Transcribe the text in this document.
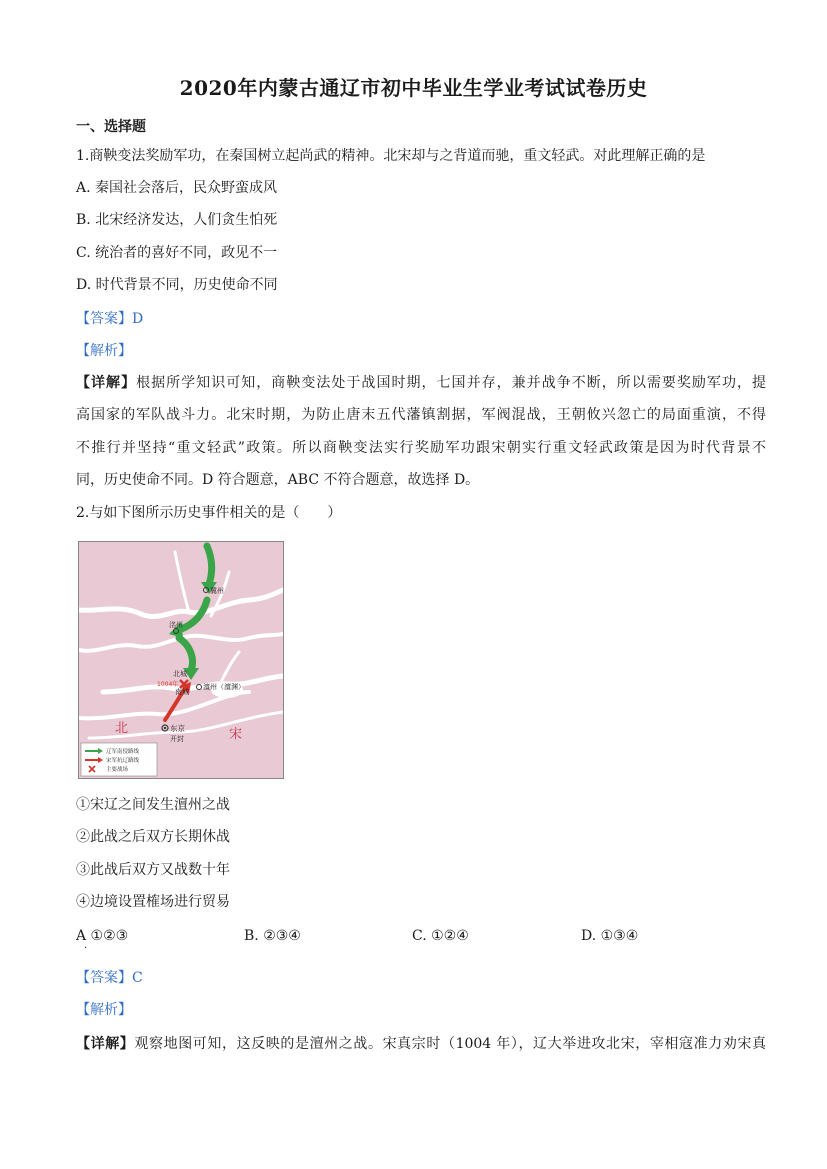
2020年内蒙古通辽市初中毕业生学业考试试卷历史
一、选择题
1.商鞅变法奖励军功，在秦国树立起尚武的精神。北宋却与之背道而驰，重文轻武。对此理解正确的是
A. 秦国社会落后，民众野蛮成风
B. 北宋经济发达，人们贪生怕死
C. 统治者的喜好不同，政见不一
D. 时代背景不同，历史使命不同
【答案】D
【解析】
【详解】根据所学知识可知，商鞅变法处于战国时期，七国并存，兼并战争不断，所以需要奖励军功，提
高国家的军队战斗力。北宋时期，为防止唐末五代藩镇割据，军阀混战，王朝攸兴忽亡的局面重演，不得
不推行并坚持“重文轻武”政策。所以商鞅变法实行奖励军功跟宋朝实行重文轻武政策是因为时代背景不
同，历史使命不同。D 符合题意，ABC 不符合题意，故选择 D。
2.与如下图所示历史事件相关的是（　　）
冀州
洺州
北城
1004年
南城
澶州（澶渊）
东京
开封
北	宋
辽军南侵路线
宋军抗辽路线
主要战场
①宋辽之间发生澶州之战
②此战之后双方长期休战
③此战后双方又战数十年
④边境设置榷场进行贸易
A ①②③	B. ②③④	C. ①②④	D. ①③④
·
【答案】C
【解析】
【详解】观察地图可知，这反映的是澶州之战。宋真宗时（1004 年），辽大举进攻北宋，宰相寇准力劝宋真
